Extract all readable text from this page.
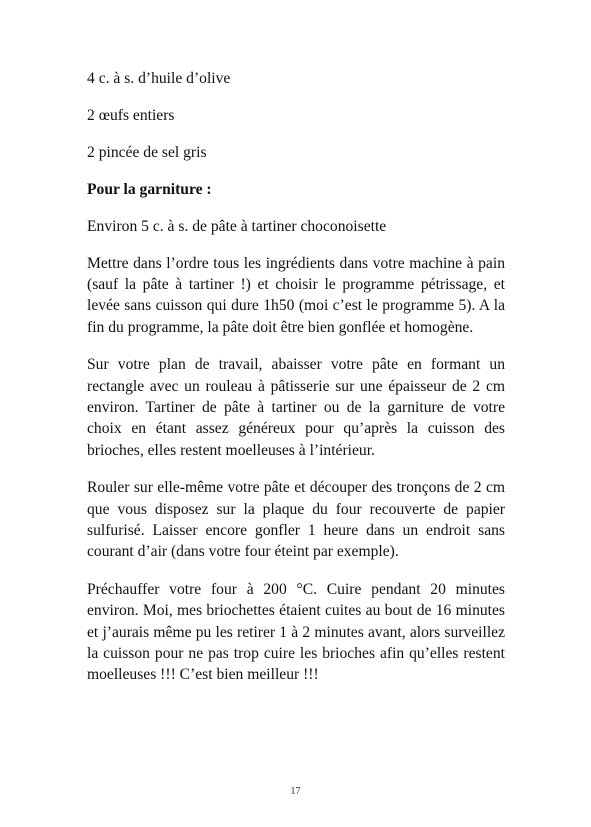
4 c. à s. d’huile d’olive

2 œufs entiers

2 pincée de sel gris

Pour la garniture :

Environ 5 c. à s. de pâte à tartiner choconoisette

Mettre dans l’ordre tous les ingrédients dans votre machine à pain (sauf la pâte à tartiner !) et choisir le programme pétrissage, et levée sans cuisson qui dure 1h50 (moi c’est le programme 5). A la fin du programme, la pâte doit être bien gonflée et homogène.

Sur votre plan de travail, abaisser votre pâte en formant un rectangle avec un rouleau à pâtisserie sur une épaisseur de 2 cm environ. Tartiner de pâte à tartiner ou de la garniture de votre choix en étant assez généreux pour qu’après la cuisson des brioches, elles restent moelleuses à l’intérieur.

Rouler sur elle-même votre pâte et découper des tronçons de 2 cm que vous disposez sur la plaque du four recouverte de papier sulfurisé. Laisser encore gonfler 1 heure dans un endroit sans courant d’air (dans votre four éteint par exemple).

Préchauffer votre four à 200 °C. Cuire pendant 20 minutes environ. Moi, mes briochettes étaient cuites au bout de 16 minutes et j’aurais même pu les retirer 1 à 2 minutes avant, alors surveillez la cuisson pour ne pas trop cuire les brioches afin qu’elles restent moelleuses !!! C’est bien meilleur !!!

17
